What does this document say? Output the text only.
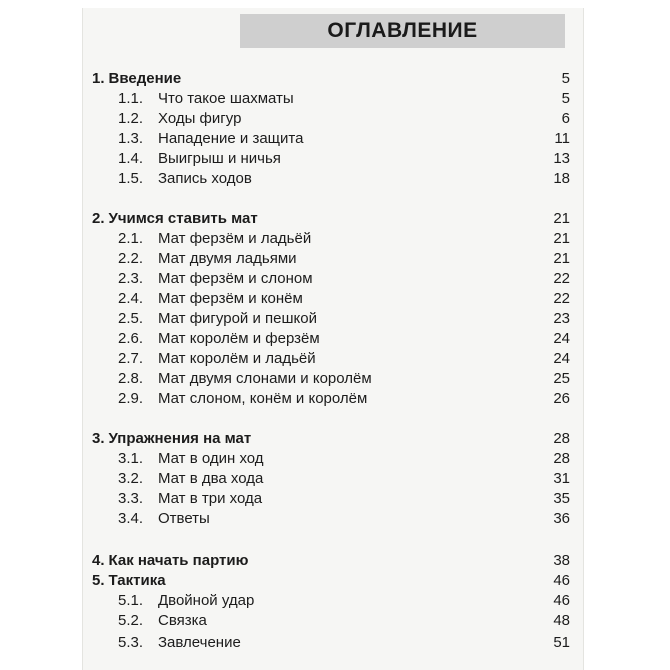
ОГЛАВЛЕНИЕ
1. Введение	5
1.1. Что такое шахматы	5
1.2. Ходы фигур	6
1.3. Нападение и защита	11
1.4. Выигрыш и ничья	13
1.5. Запись ходов	18
2. Учимся ставить мат	21
2.1. Мат ферзём и ладьёй	21
2.2. Мат двумя ладьями	21
2.3. Мат ферзём и слоном	22
2.4. Мат ферзём и конём	22
2.5. Мат фигурой и пешкой	23
2.6. Мат королём и ферзём	24
2.7. Мат королём и ладьёй	24
2.8. Мат двумя слонами и королём	25
2.9. Мат слоном, конём и королём	26
3. Упражнения на мат	28
3.1. Мат в один ход	28
3.2. Мат в два хода	31
3.3. Мат в три хода	35
3.4. Ответы	36
4. Как начать партию	38
5. Тактика	46
5.1. Двойной удар	46
5.2. Связка	48
5.3. Завлечение	51
